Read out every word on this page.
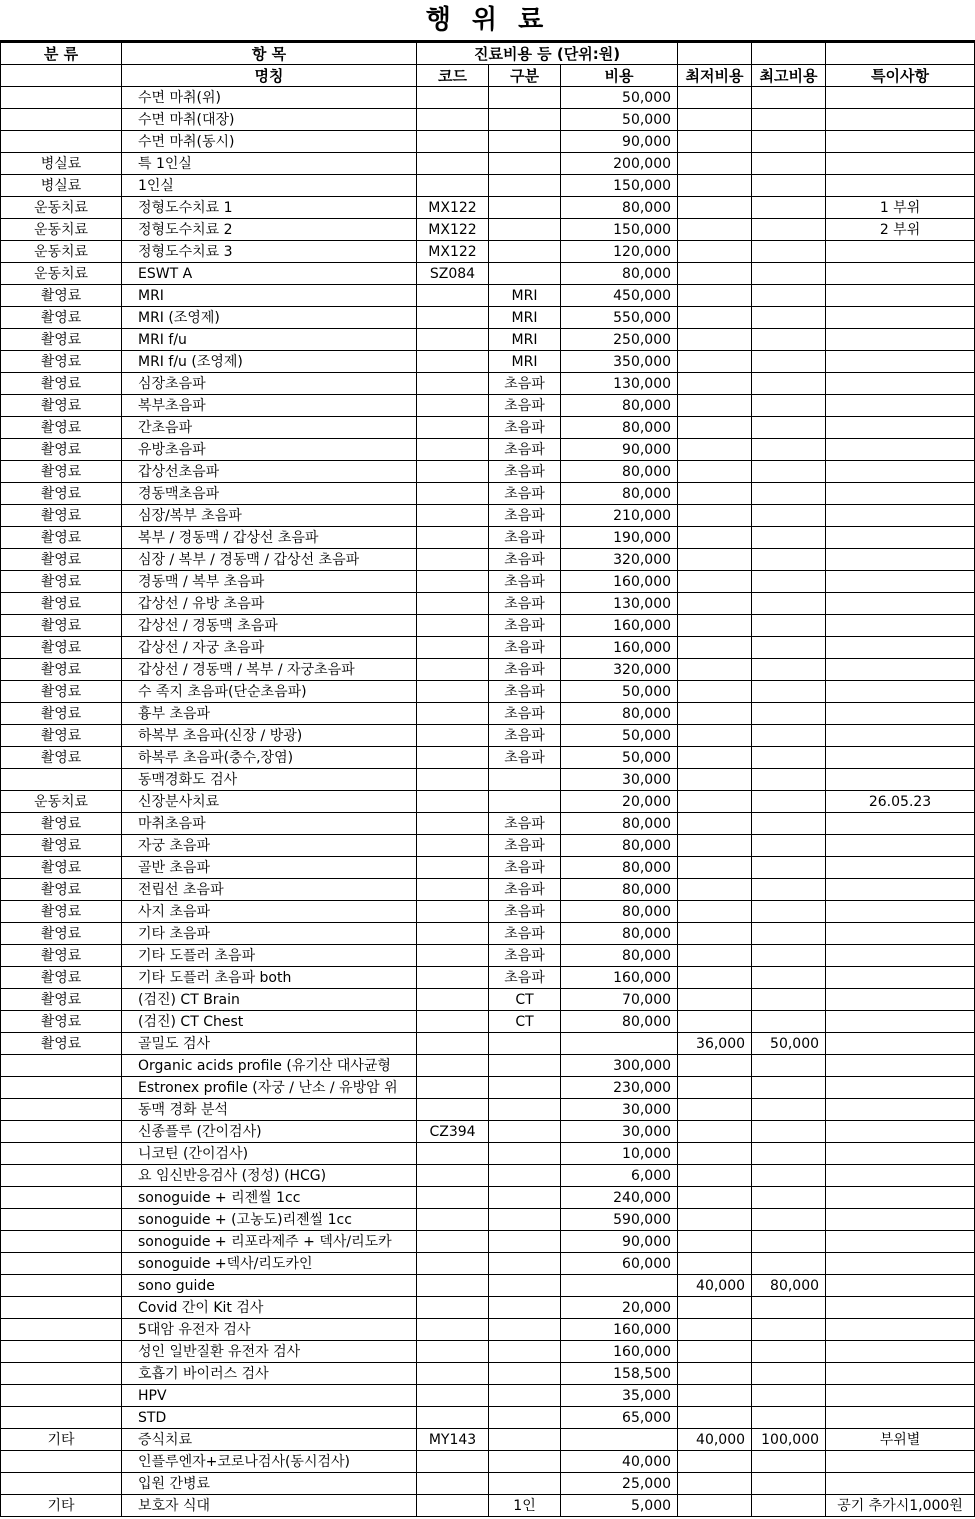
행 위 료
분 류	항 목	진료비용 등 (단위:원)					
	명칭	코드	구분	비용	최저비용	최고비용	특이사항
	수면 마취(위)			50,000			
	수면 마취(대장)			50,000			
	수면 마취(동시)			90,000			
병실료	특 1인실			200,000			
병실료	1인실			150,000			
운동치료	정형도수치료 1	MX122		80,000			1 부위
운동치료	정형도수치료 2	MX122		150,000			2 부위
운동치료	정형도수치료 3	MX122		120,000			
운동치료	ESWT A	SZ084		80,000			
촬영료	MRI		MRI	450,000			
촬영료	MRI (조영제)		MRI	550,000			
촬영료	MRI f/u		MRI	250,000			
촬영료	MRI f/u (조영제)		MRI	350,000			
촬영료	심장초음파		초음파	130,000			
촬영료	복부초음파		초음파	80,000			
촬영료	간초음파		초음파	80,000			
촬영료	유방초음파		초음파	90,000			
촬영료	갑상선초음파		초음파	80,000			
촬영료	경동맥초음파		초음파	80,000			
촬영료	심장/복부 초음파		초음파	210,000			
촬영료	복부 / 경동맥 / 갑상선 초음파		초음파	190,000			
촬영료	심장 / 복부 / 경동맥 / 갑상선 초음파		초음파	320,000			
촬영료	경동맥 / 복부 초음파		초음파	160,000			
촬영료	갑상선 / 유방 초음파		초음파	130,000			
촬영료	갑상선 / 경동맥 초음파		초음파	160,000			
촬영료	갑상선 / 자궁 초음파		초음파	160,000			
촬영료	갑상선 / 경동맥 / 복부 / 자궁초음파		초음파	320,000			
촬영료	수 족지 초음파(단순초음파)		초음파	50,000			
촬영료	흉부 초음파		초음파	80,000			
촬영료	하복부 초음파(신장 / 방광)		초음파	50,000			
촬영료	하복루 초음파(충수,장염)		초음파	50,000			
	동맥경화도 검사			30,000			
운동치료	신장분사치료			20,000			26.05.23
촬영료	마취초음파		초음파	80,000			
촬영료	자궁 초음파		초음파	80,000			
촬영료	골반 초음파		초음파	80,000			
촬영료	전립선 초음파		초음파	80,000			
촬영료	사지 초음파		초음파	80,000			
촬영료	기타 초음파		초음파	80,000			
촬영료	기타 도플러 초음파		초음파	80,000			
촬영료	기타 도플러 초음파 both		초음파	160,000			
촬영료	(검진) CT Brain		CT	70,000			
촬영료	(검진) CT Chest		CT	80,000			
촬영료	골밀도 검사				36,000	50,000	
	Organic acids profile (유기산 대사균형			300,000			
	Estronex profile (자궁 / 난소 / 유방암 위			230,000			
	동맥 경화 분석			30,000			
	신종플루 (간이검사)	CZ394		30,000			
	니코틴 (간이검사)			10,000			
	요 임신반응검사 (정성) (HCG)			6,000			
	sonoguide + 리젠씰 1cc			240,000			
	sonoguide + (고농도)리젠씰 1cc			590,000			
	sonoguide + 리포라제주 + 덱사/리도카			90,000			
	sonoguide +덱사/리도카인			60,000			
	sono guide				40,000	80,000	
	Covid 간이 Kit 검사			20,000			
	5대암 유전자 검사			160,000			
	성인 일반질환 유전자 검사			160,000			
	호흡기 바이러스 검사			158,500			
	HPV			35,000			
	STD			65,000			
기타	증식치료	MY143			40,000	100,000	부위별
	인플루엔자+코로나검사(동시검사)			40,000			
	입원 간병료			25,000			
기타	보호자 식대		1인	5,000			공기 추가시1,000원
